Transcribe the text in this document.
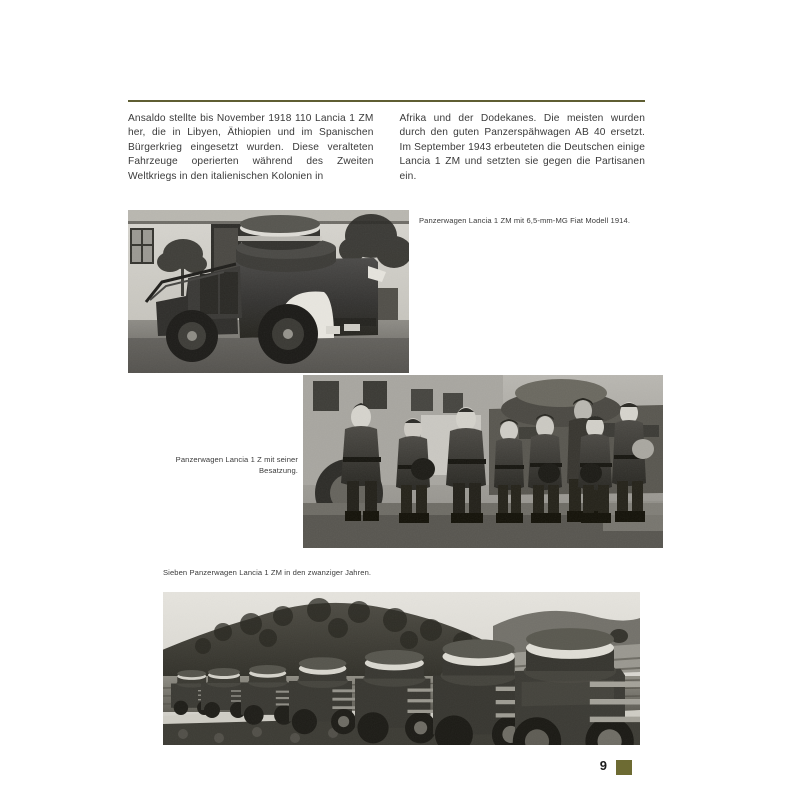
Ansaldo stellte bis November 1918 110 Lancia 1 ZM her, die in Libyen, Äthiopien und im Spanischen Bürgerkrieg eingesetzt wurden. Diese veralteten Fahrzeuge operierten während des Zweiten Weltkriegs in den italienischen Kolonien in

Afrika und der Dodekanes. Die meisten wurden durch den guten Panzerspähwagen AB 40 ersetzt. Im September 1943 erbeuteten die Deutschen einige Lancia 1 ZM und setzten sie gegen die Partisanen ein.

Panzerwagen Lancia 1 ZM mit 6,5-mm-MG Fiat Modell 1914.
Panzerwagen Lancia 1 Z mit seiner Besatzung.
Sieben Panzerwagen Lancia 1 ZM in den zwanziger Jahren.
9
